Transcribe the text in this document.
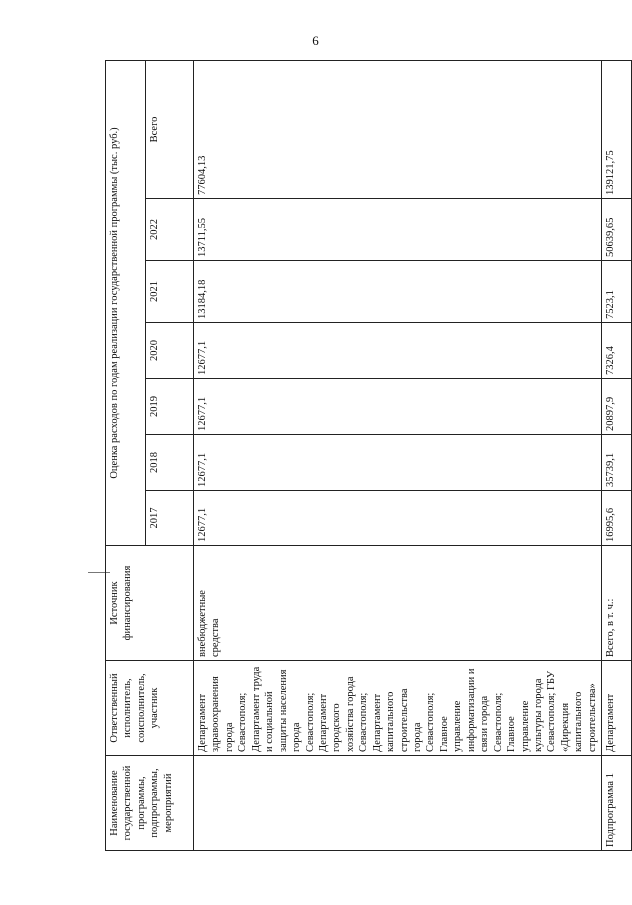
6
Наименование государственной программы, подпрограммы, мероприятий	Ответственный исполнитель, соисполнитель, участник	Источник финансирования	Оценка расходов по годам реализации государственной программы (тыс. руб.)						
			2017	2018	2019	2020	2021	2022	Всего
	Департамент здравоохранения города Севастополя; Департамент труда и социальной защиты населения города Севастополя; Департамент городского хозяйства города Севастополя; Департамент капитального строительства города Севастополя; Главное управление информатизации и связи города Севастополя; Главное управление культуры города Севастополя; ГБУ «Дирекция капитального строительства»	внебюджетные средства	12677,1	12677,1	12677,1	12677,1	13184,18	13711,55	77604,13
Подпрограмма 1	Департамент	Всего, в т. ч.:	16995,6	35739,1	20897,9	7326,4	7523,1	50639,65	139121,75
